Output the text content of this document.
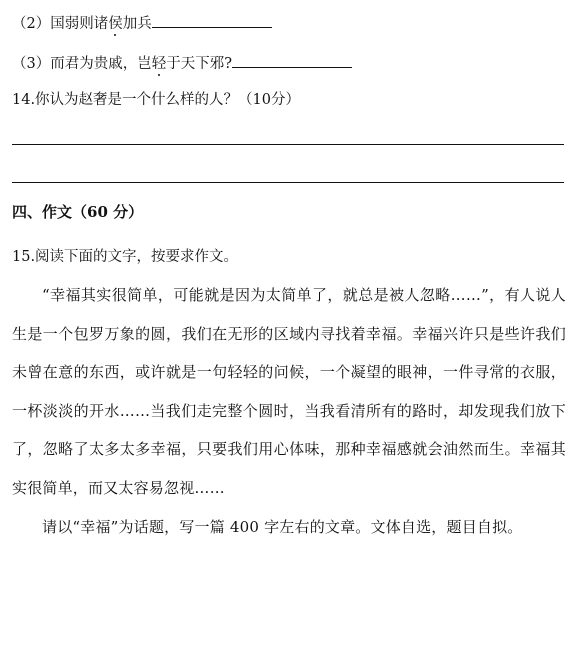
（2）国弱则诸侯加兵
（3）而君为贵戚，岂轻于天下邪?
14.你认为赵奢是一个什么样的人？（10分）
四、作文（60 分）
15.阅读下面的文字，按要求作文。
“幸福其实很简单，可能就是因为太简单了，就总是被人忽略……”，有人说人生是一个包罗万象的圆，我们在无形的区域内寻找着幸福。幸福兴许只是些许我们未曾在意的东西，或许就是一句轻轻的问候，一个凝望的眼神，一件寻常的衣服，一杯淡淡的开水……当我们走完整个圆时，当我看清所有的路时，却发现我们放下了，忽略了太多太多幸福，只要我们用心体味，那种幸福感就会油然而生。幸福其实很简单，而又太容易忽视……
请以“幸福”为话题，写一篇 400 字左右的文章。文体自选，题目自拟。
